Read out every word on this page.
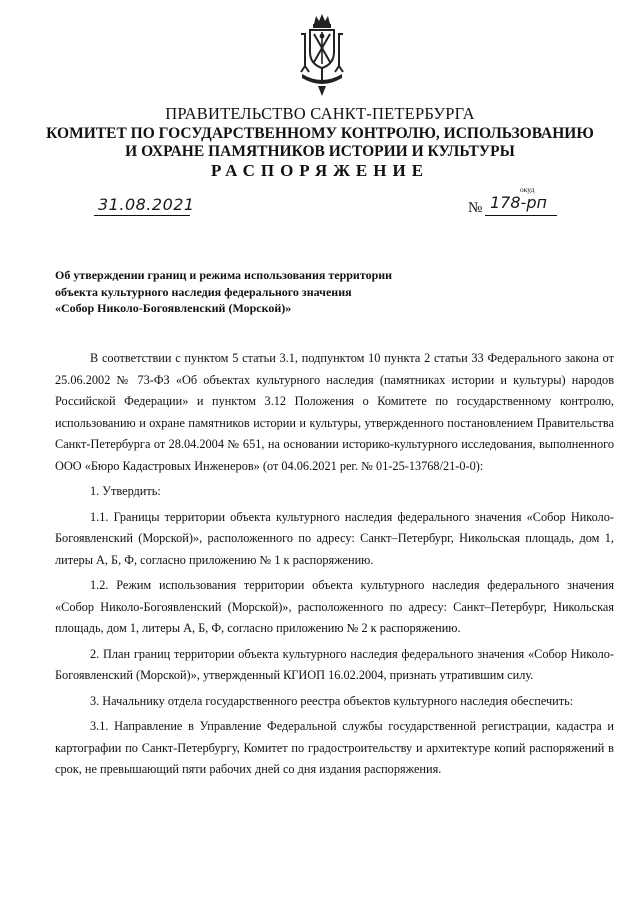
ПРАВИТЕЛЬСТВО САНКТ-ПЕТЕРБУРГА
КОМИТЕТ ПО ГОСУДАРСТВЕННОМУ КОНТРОЛЮ, ИСПОЛЬЗОВАНИЮ
И ОХРАНЕ ПАМЯТНИКОВ ИСТОРИИ И КУЛЬТУРЫ
РАСПОРЯЖЕНИЕ
окуд
31.08.2021	№ 178-рп
Об утверждении границ и режима использования территории
объекта культурного наследия федерального значения
«Собор Николо-Богоявленский (Морской)»

В соответствии с пунктом 5 статьи 3.1, подпунктом 10 пункта 2 статьи 33 Федерального закона от 25.06.2002 № 73-ФЗ «Об объектах культурного наследия (памятниках истории и культуры) народов Российской Федерации» и пунктом 3.12 Положения о Комитете по государственному контролю, использованию и охране памятников истории и культуры, утвержденного постановлением Правительства Санкт-Петербурга от 28.04.2004 № 651, на основании историко-культурного исследования, выполненного ООО «Бюро Кадастровых Инженеров» (от 04.06.2021 рег. № 01-25-13768/21-0-0):

1. Утвердить:

1.1. Границы территории объекта культурного наследия федерального значения «Собор Николо-Богоявленский (Морской)», расположенного по адресу: Санкт–Петербург, Никольская площадь, дом 1, литеры А, Б, Ф, согласно приложению № 1 к распоряжению.

1.2. Режим использования территории объекта культурного наследия федерального значения «Собор Николо-Богоявленский (Морской)», расположенного по адресу: Санкт–Петербург, Никольская площадь, дом 1, литеры А, Б, Ф, согласно приложению № 2 к распоряжению.

2. План границ территории объекта культурного наследия федерального значения «Собор Николо-Богоявленский (Морской)», утвержденный КГИОП 16.02.2004, признать утратившим силу.

3. Начальнику отдела государственного реестра объектов культурного наследия обеспечить:

3.1. Направление в Управление Федеральной службы государственной регистрации, кадастра и картографии по Санкт-Петербургу, Комитет по градостроительству и архитектуре копий распоряжений в срок, не превышающий пяти рабочих дней со дня издания распоряжения.
